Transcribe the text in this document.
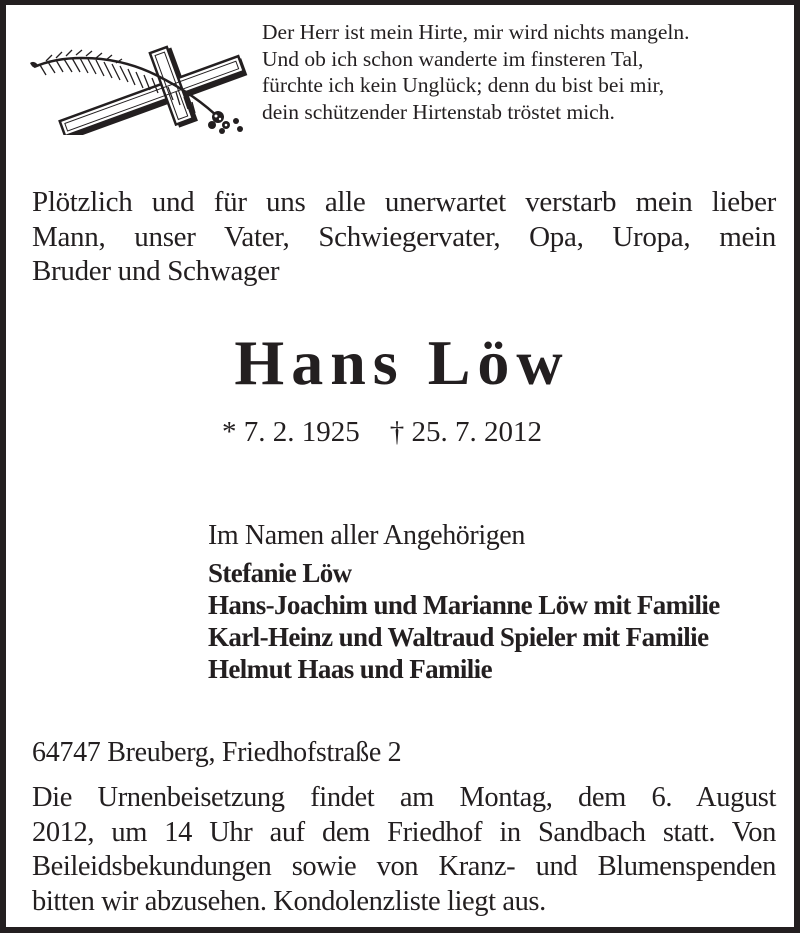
Der Herr ist mein Hirte, mir wird nichts mangeln.
Und ob ich schon wanderte im finsteren Tal,
fürchte ich kein Unglück; denn du bist bei mir,
dein schützender Hirtenstab tröstet mich.
Plötzlich und für uns alle unerwartet verstarb mein lieber
Mann, unser Vater, Schwiegervater, Opa, Uropa, mein
Bruder und Schwager
Hans Löw
* 7. 2. 1925 † 25. 7. 2012
Im Namen aller Angehörigen
Stefanie Löw
Hans-Joachim und Marianne Löw mit Familie
Karl-Heinz und Waltraud Spieler mit Familie
Helmut Haas und Familie
64747 Breuberg, Friedhofstraße 2
Die Urnenbeisetzung findet am Montag, dem 6. August
2012, um 14 Uhr auf dem Friedhof in Sandbach statt. Von
Beileidsbekundungen sowie von Kranz- und Blumenspenden
bitten wir abzusehen. Kondolenzliste liegt aus.
